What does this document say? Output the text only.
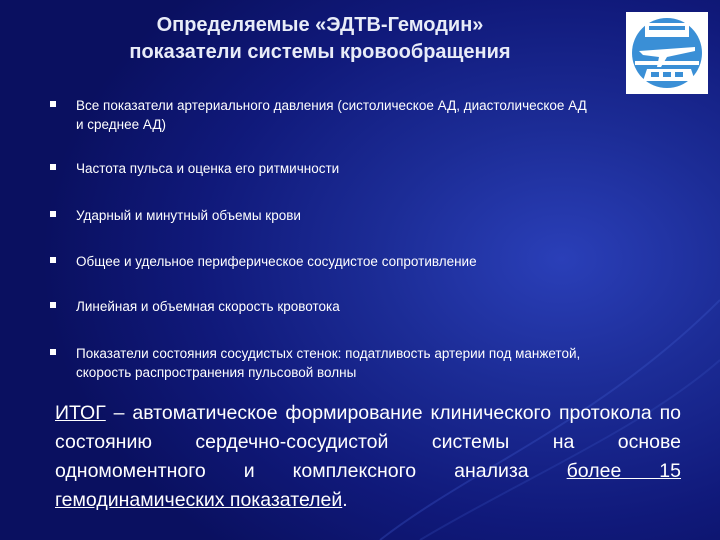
Определяемые «ЭДТВ-Гемодин»
показатели системы кровообращения
Все показатели артериального давления (систолическое АД, диастолическое АД
и среднее АД)
Частота пульса и оценка его ритмичности
Ударный и минутный объемы крови
Общее и удельное периферическое сосудистое сопротивление
Линейная и объемная скорость кровотока
Показатели состояния сосудистых стенок: податливость артерии под манжетой,
скорость распространения пульсовой волны
ИТОГ – автоматическое формирование клинического протокола по состоянию сердечно-сосудистой системы на основе одномоментного и комплексного анализа более 15 гемодинамических показателей.
